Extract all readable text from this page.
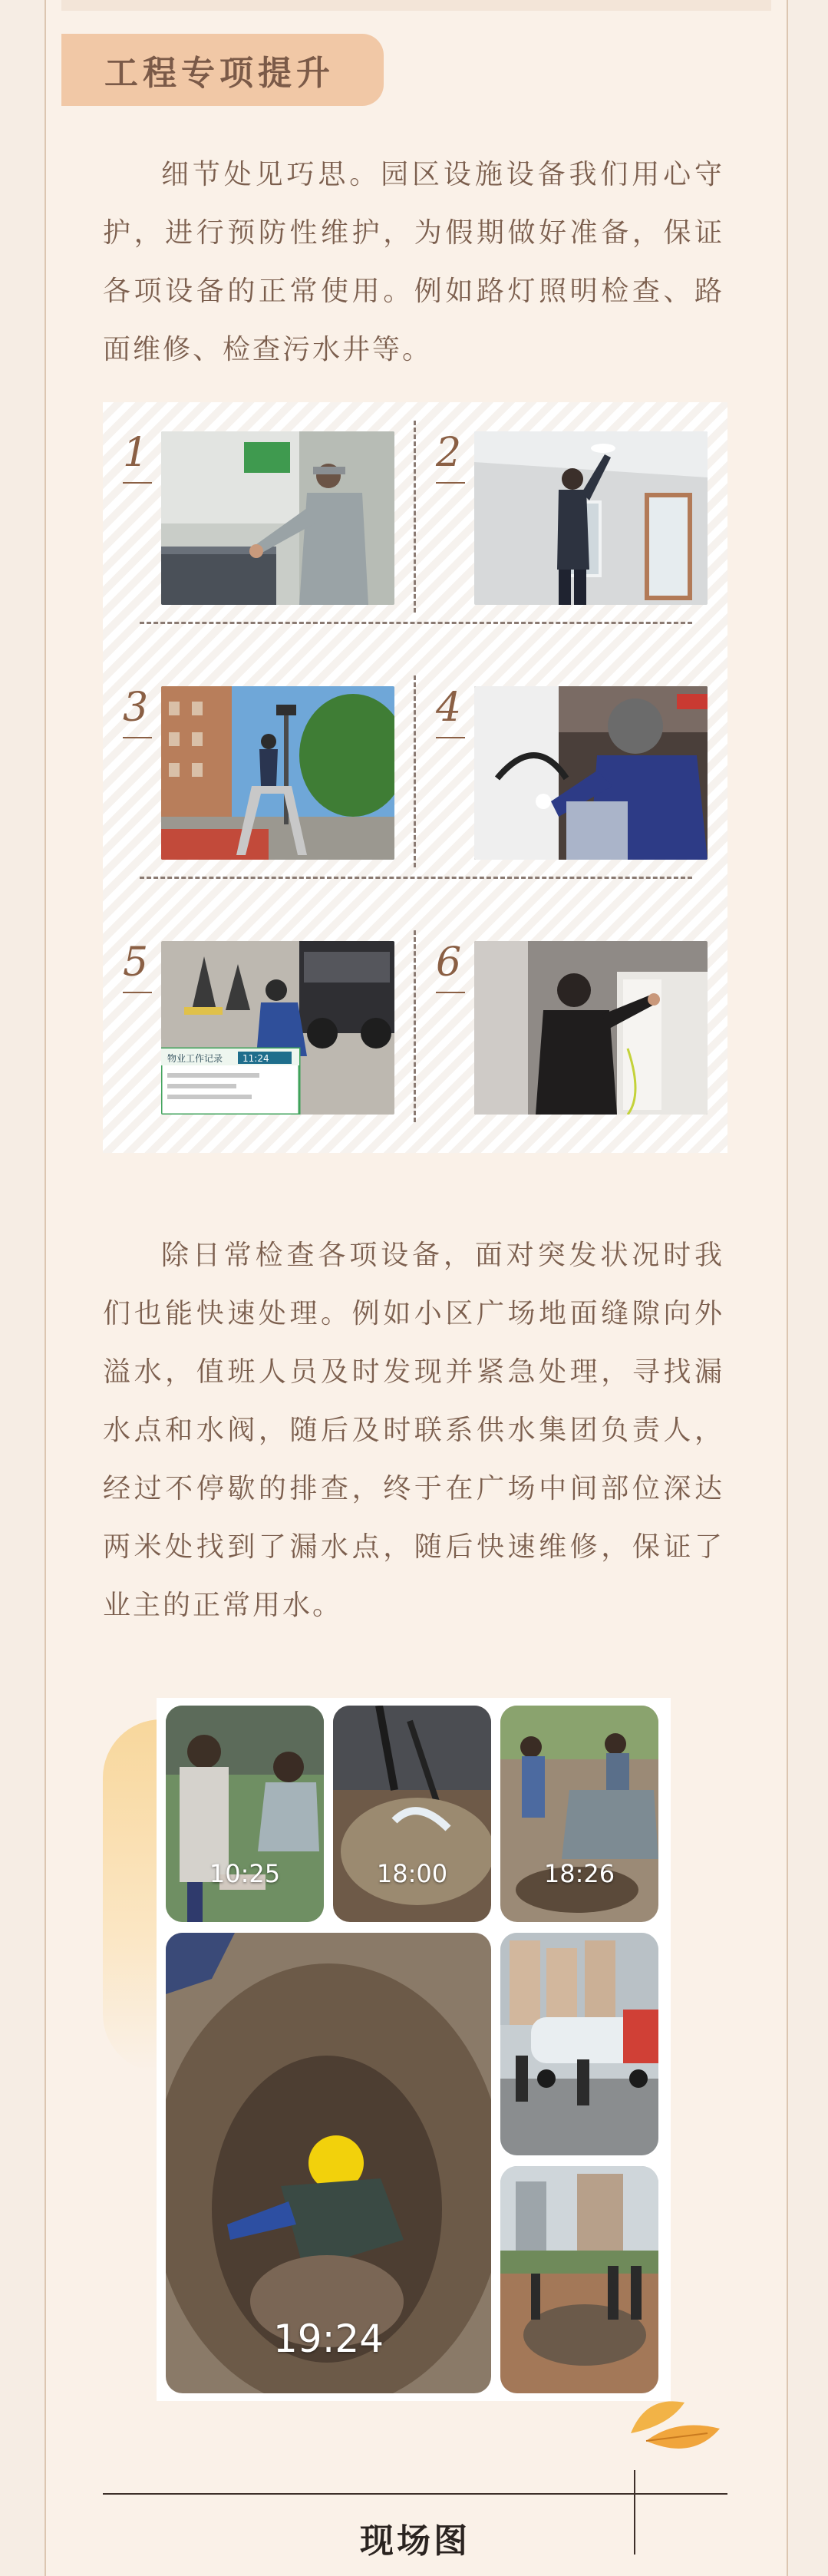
工程专项提升

细节处见巧思。园区设施设备我们用心守护，进行预防性维护，为假期做好准备，保证各项设备的正常使用。例如路灯照明检查、路面维修、检查污水井等。

1	2
3	4
5
物业工作记录 11:24
6

除日常检查各项设备，面对突发状况时我们也能快速处理。例如小区广场地面缝隙向外溢水，值班人员及时发现并紧急处理，寻找漏水点和水阀，随后及时联系供水集团负责人，经过不停歇的排查，终于在广场中间部位深达两米处找到了漏水点，随后快速维修，保证了业主的正常用水。

10:25	18:00	18:26
19:24
现场图
